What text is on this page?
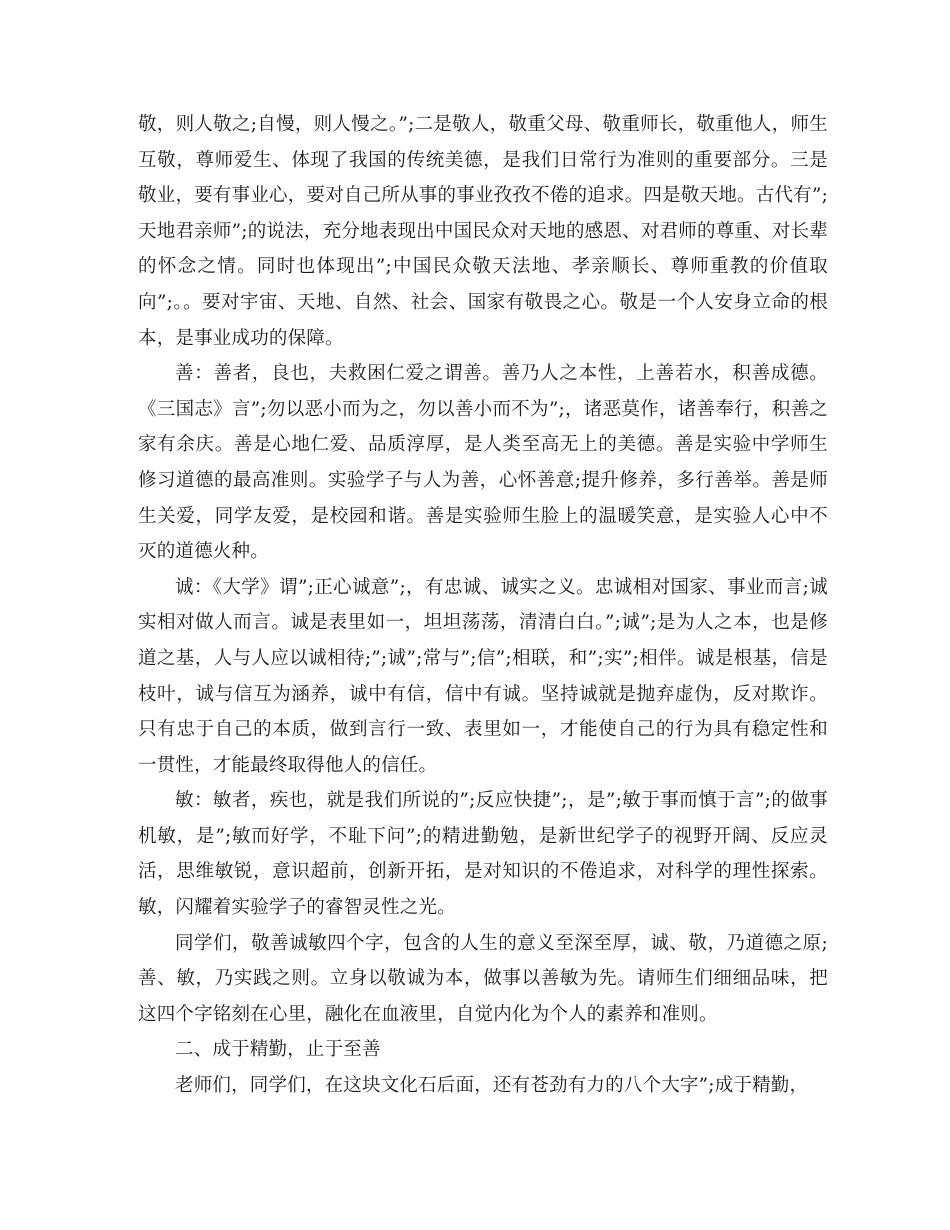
敬，则人敬之;自慢，则人慢之。”;二是敬人，敬重父母、敬重师长，敬重他人，师生互敬，尊师爱生、体现了我国的传统美德，是我们日常行为准则的重要部分。三是敬业，要有事业心，要对自己所从事的事业孜孜不倦的追求。四是敬天地。古代有”;天地君亲师”;的说法，充分地表现出中国民众对天地的感恩、对君师的尊重、对长辈的怀念之情。同时也体现出”;中国民众敬天法地、孝亲顺长、尊师重教的价值取向”;。。要对宇宙、天地、自然、社会、国家有敬畏之心。敬是一个人安身立命的根本，是事业成功的保障。

善：善者，良也，夫救困仁爱之谓善。善乃人之本性，上善若水，积善成德。《三国志》言”;勿以恶小而为之，勿以善小而不为”;，诸恶莫作，诸善奉行，积善之家有余庆。善是心地仁爱、品质淳厚，是人类至高无上的美德。善是实验中学师生修习道德的最高准则。实验学子与人为善，心怀善意;提升修养，多行善举。善是师生关爱，同学友爱，是校园和谐。善是实验师生脸上的温暖笑意，是实验人心中不灭的道德火种。

诚：《大学》谓”;正心诚意”;，有忠诚、诚实之义。忠诚相对国家、事业而言;诚实相对做人而言。诚是表里如一，坦坦荡荡，清清白白。”;诚”;是为人之本，也是修道之基，人与人应以诚相待;”;诚”;常与”;信”;相联，和”;实”;相伴。诚是根基，信是枝叶，诚与信互为涵养，诚中有信，信中有诚。坚持诚就是抛弃虚伪，反对欺诈。只有忠于自己的本质，做到言行一致、表里如一，才能使自己的行为具有稳定性和一贯性，才能最终取得他人的信任。

敏：敏者，疾也，就是我们所说的”;反应快捷”;，是”;敏于事而慎于言”;的做事机敏，是”;敏而好学，不耻下问”;的精进勤勉，是新世纪学子的视野开阔、反应灵活，思维敏锐，意识超前，创新开拓，是对知识的不倦追求，对科学的理性探索。敏，闪耀着实验学子的睿智灵性之光。

同学们，敬善诚敏四个字，包含的人生的意义至深至厚，诚、敬，乃道德之原;善、敏，乃实践之则。立身以敬诚为本，做事以善敏为先。请师生们细细品味，把这四个字铭刻在心里，融化在血液里，自觉内化为个人的素养和准则。

二、成于精勤，止于至善

老师们，同学们，在这块文化石后面，还有苍劲有力的八个大字”;成于精勤，
